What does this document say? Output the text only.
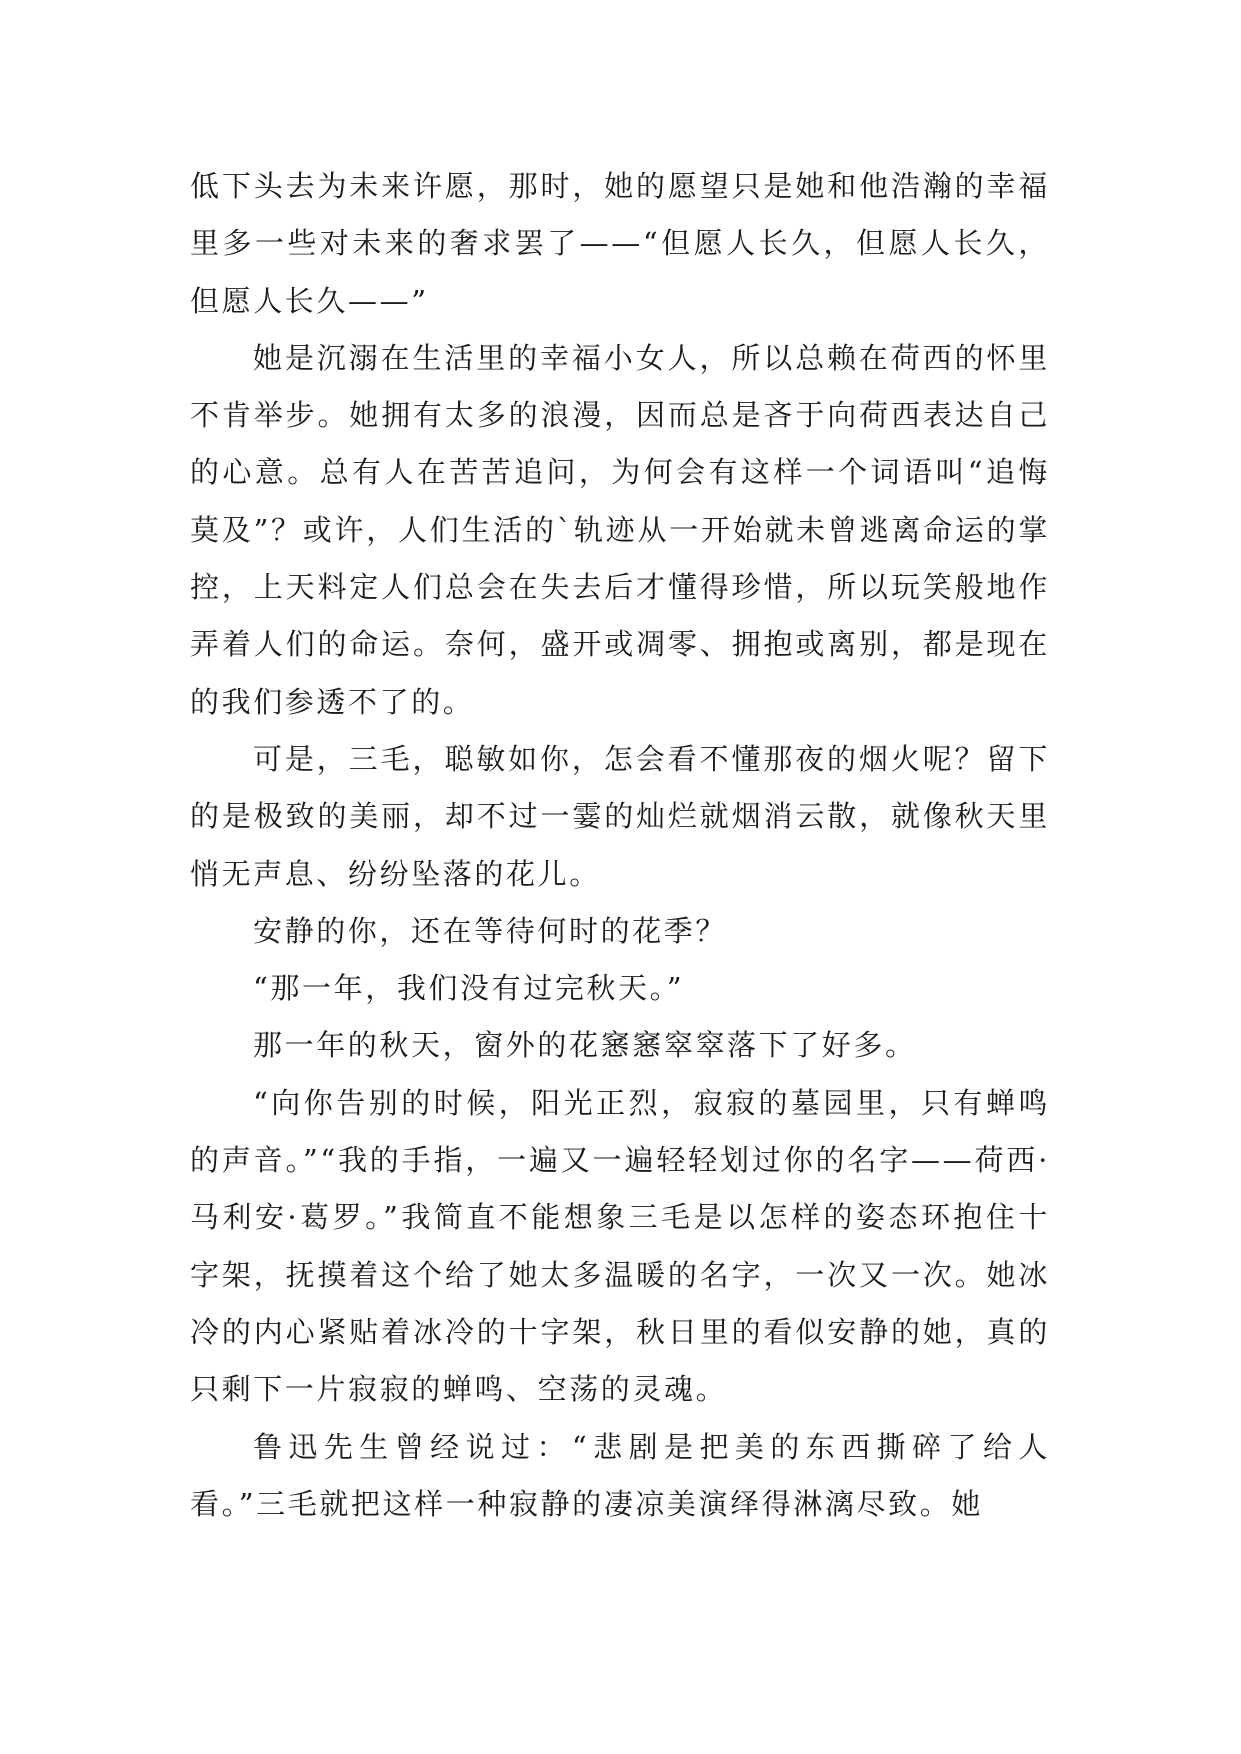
低下头去为未来许愿，那时，她的愿望只是她和他浩瀚的幸福里多一些对未来的奢求罢了——“但愿人长久，但愿人长久，但愿人长久——”

她是沉溺在生活里的幸福小女人，所以总赖在荷西的怀里不肯举步。她拥有太多的浪漫，因而总是吝于向荷西表达自己的心意。总有人在苦苦追问，为何会有这样一个词语叫“追悔莫及”？或许，人们生活的`轨迹从一开始就未曾逃离命运的掌控，上天料定人们总会在失去后才懂得珍惜，所以玩笑般地作弄着人们的命运。奈何，盛开或凋零、拥抱或离别，都是现在的我们参透不了的。

可是，三毛，聪敏如你，怎会看不懂那夜的烟火呢？留下的是极致的美丽，却不过一霎的灿烂就烟消云散，就像秋天里悄无声息、纷纷坠落的花儿。

安静的你，还在等待何时的花季？

“那一年，我们没有过完秋天。”

那一年的秋天，窗外的花窸窸窣窣落下了好多。

“向你告别的时候，阳光正烈，寂寂的墓园里，只有蝉鸣的声音。”“我的手指，一遍又一遍轻轻划过你的名字——荷西·马利安·葛罗。”我简直不能想象三毛是以怎样的姿态环抱住十字架，抚摸着这个给了她太多温暖的名字，一次又一次。她冰冷的内心紧贴着冰冷的十字架，秋日里的看似安静的她，真的只剩下一片寂寂的蝉鸣、空荡的灵魂。

鲁迅先生曾经说过：“悲剧是把美的东西撕碎了给人看。”三毛就把这样一种寂静的凄凉美演绎得淋漓尽致。她
